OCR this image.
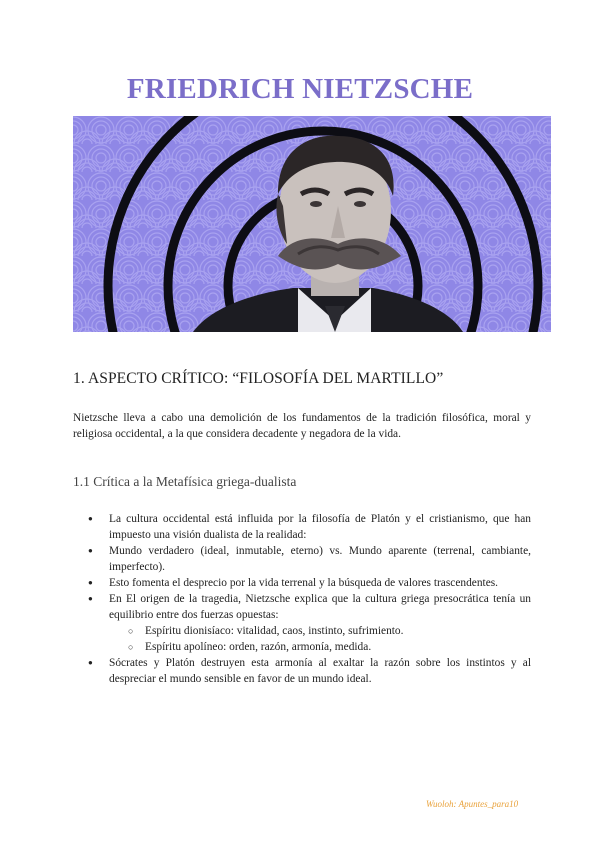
FRIEDRICH NIETZSCHE
1. ASPECTO CRÍTICO: “FILOSOFÍA DEL MARTILLO”
Nietzsche lleva a cabo una demolición de los fundamentos de la tradición filosófica, moral y religiosa occidental, a la que considera decadente y negadora de la vida.
1.1 Crítica a la Metafísica griega-dualista
● La cultura occidental está influida por la filosofía de Platón y el cristianismo, que han impuesto una visión dualista de la realidad:
● Mundo verdadero (ideal, inmutable, eterno) vs. Mundo aparente (terrenal, cambiante, imperfecto).
● Esto fomenta el desprecio por la vida terrenal y la búsqueda de valores trascendentes.
● En El origen de la tragedia, Nietzsche explica que la cultura griega presocrática tenía un equilibrio entre dos fuerzas opuestas:
○ Espíritu dionisíaco: vitalidad, caos, instinto, sufrimiento.
○ Espíritu apolíneo: orden, razón, armonía, medida.
● Sócrates y Platón destruyen esta armonía al exaltar la razón sobre los instintos y al despreciar el mundo sensible en favor de un mundo ideal.
Wuoloh: Apuntes_para10
